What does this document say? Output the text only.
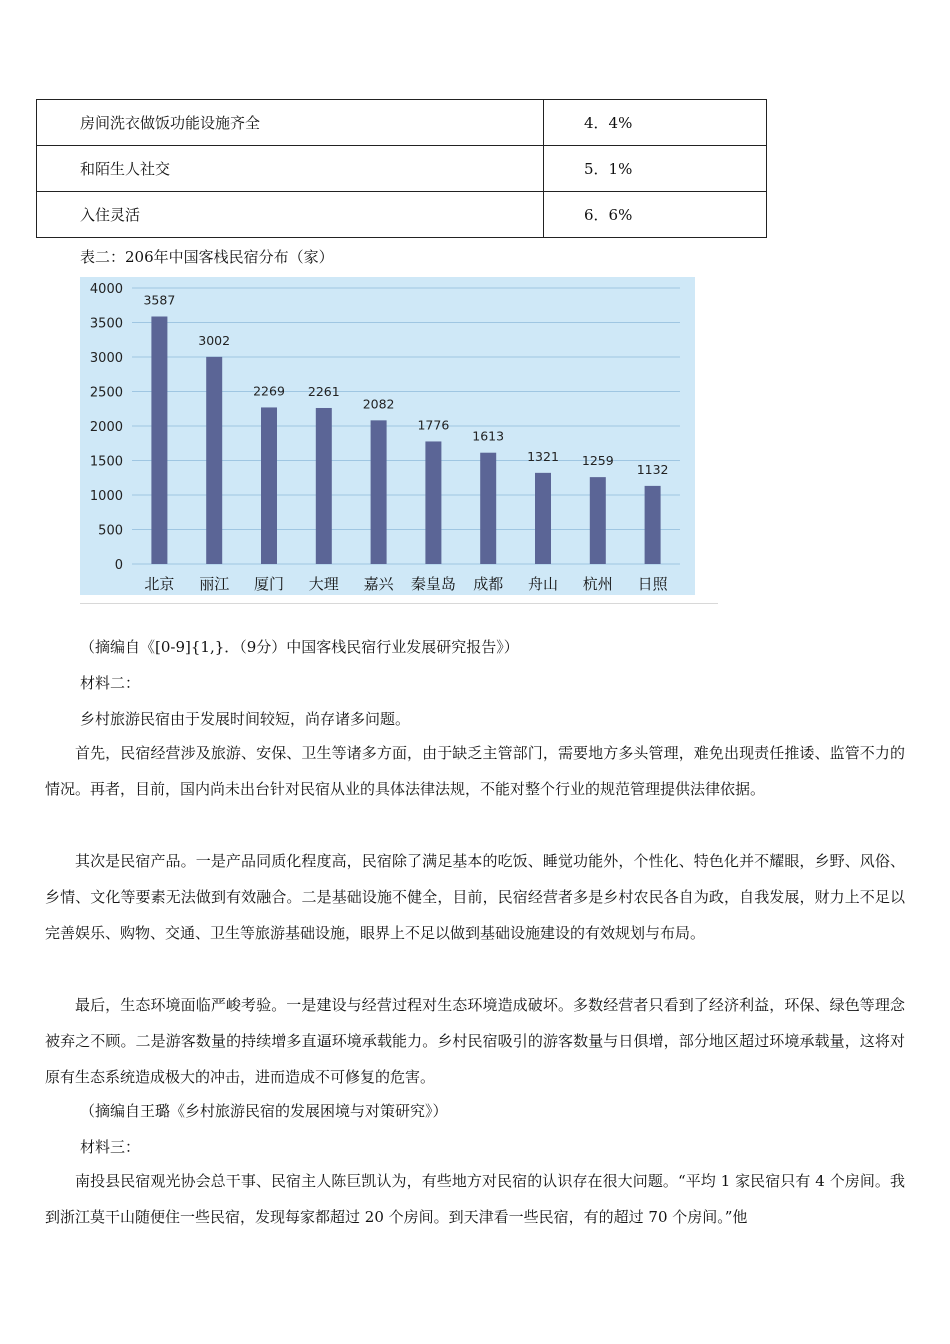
房间洗衣做饭功能设施齐全	4．4%
和陌生人社交	5．1%
入住灵活	6．6%
表二：206年中国客栈民宿分布（家）
0
500
1000
1500
2000
2500
3000
3500
4000
3587
北京
3002
丽江
2269
厦门
2261
大理
2082
嘉兴
1776
秦皇岛
1613
成都
1321
舟山
1259
杭州
1132
日照
（摘编自《[0-9]{1,}．（9分）中国客栈民宿行业发展研究报告》）
材料二：
乡村旅游民宿由于发展时间较短，尚存诸多问题。
首先，民宿经营涉及旅游、安保、卫生等诸多方面，由于缺乏主管部门，需要地方多头管理，难免出现责任推诿、监管不力的情况。再者，目前，国内尚未出台针对民宿从业的具体法律法规，不能对整个行业的规范管理提供法律依据。
其次是民宿产品。一是产品同质化程度高，民宿除了满足基本的吃饭、睡觉功能外，个性化、特色化并不耀眼，乡野、风俗、乡情、文化等要素无法做到有效融合。二是基础设施不健全，目前，民宿经营者多是乡村农民各自为政，自我发展，财力上不足以完善娱乐、购物、交通、卫生等旅游基础设施，眼界上不足以做到基础设施建设的有效规划与布局。
最后，生态环境面临严峻考验。一是建设与经营过程对生态环境造成破坏。多数经营者只看到了经济利益，环保、绿色等理念被弃之不顾。二是游客数量的持续增多直逼环境承载能力。乡村民宿吸引的游客数量与日俱增，部分地区超过环境承载量，这将对原有生态系统造成极大的冲击，进而造成不可修复的危害。
（摘编自王璐《乡村旅游民宿的发展困境与对策研究》）
材料三：
南投县民宿观光协会总干事、民宿主人陈巨凯认为，有些地方对民宿的认识存在很大问题。“平均 1 家民宿只有 4 个房间。我到浙江莫干山随便住一些民宿，发现每家都超过 20 个房间。到天津看一些民宿，有的超过 70 个房间。”他
